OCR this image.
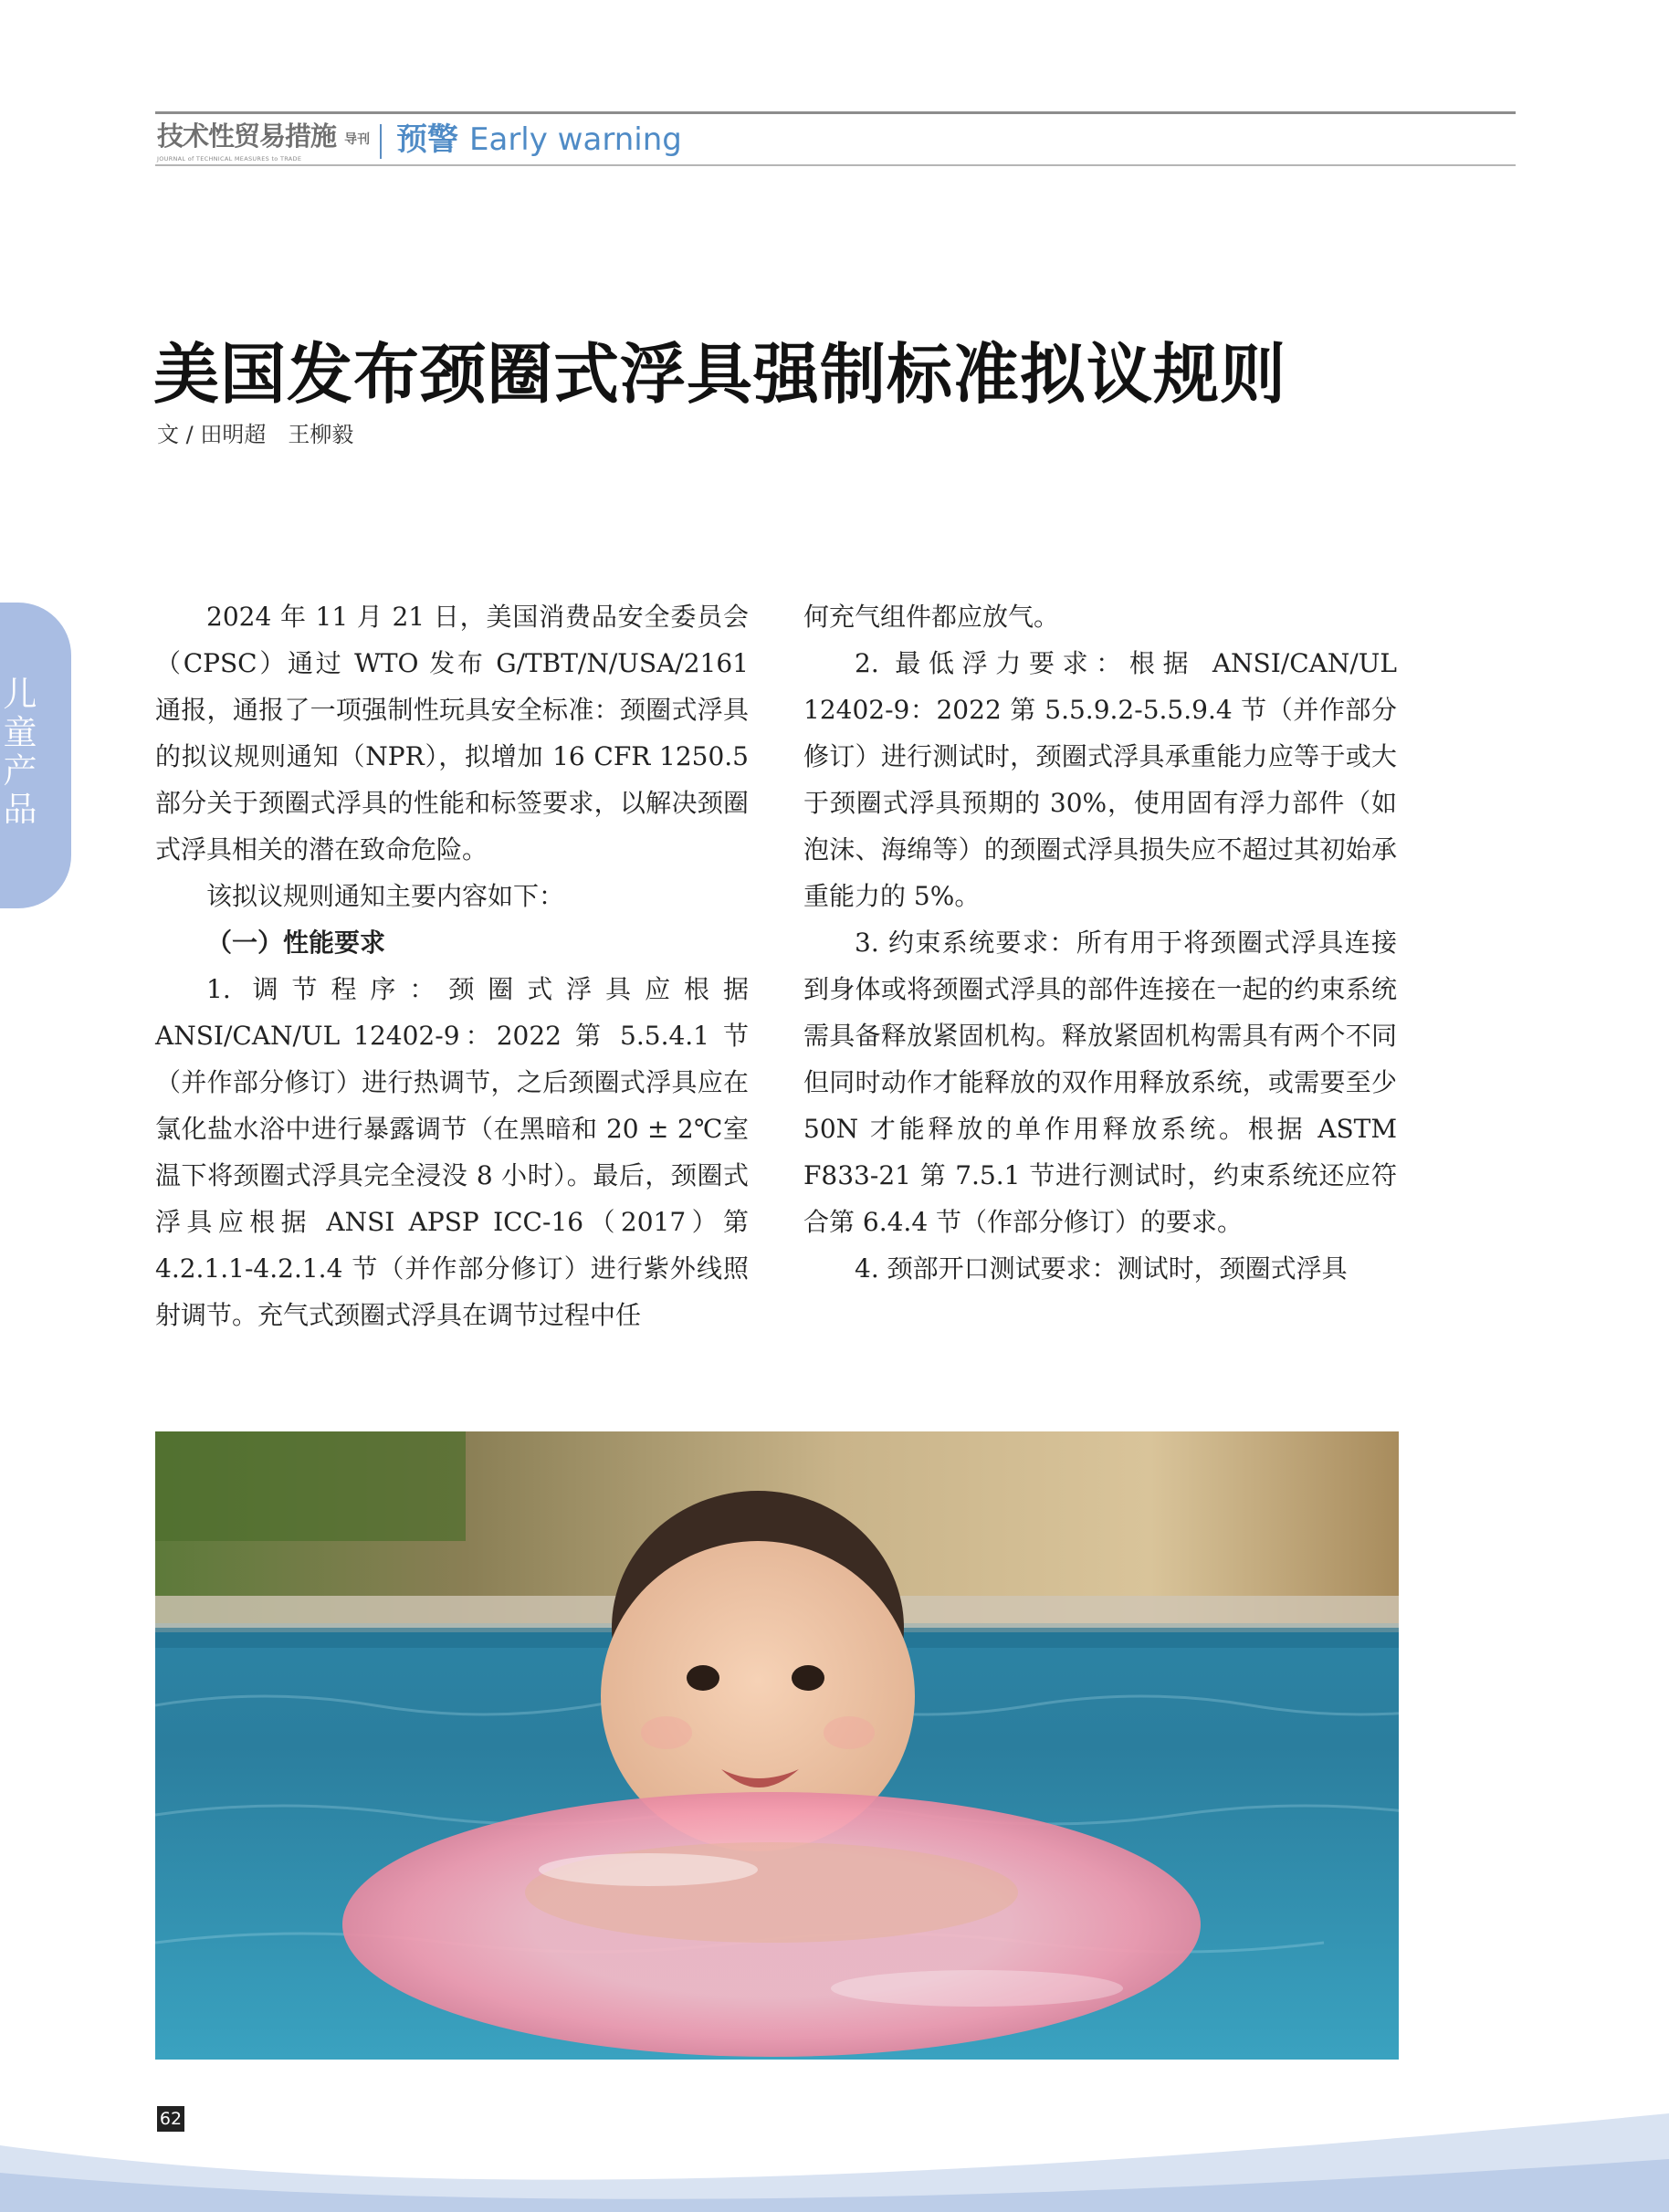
技术性贸易措施 导刊
JOURNAL of TECHNICAL MEASURES to TRADE
预警 Early warning
儿童产品
美国发布颈圈式浮具强制标准拟议规则
文 / 田明超　王柳毅

2024 年 11 月 21 日，美国消费品安全委员会（CPSC）通过 WTO 发布 G/TBT/N/USA/2161 通报，通报了一项强制性玩具安全标准：颈圈式浮具的拟议规则通知（NPR），拟增加 16 CFR 1250.5 部分关于颈圈式浮具的性能和标签要求，以解决颈圈式浮具相关的潜在致命危险。

该拟议规则通知主要内容如下：

（一）性能要求

1. 调节程序：颈圈式浮具应根据 ANSI/CAN/UL 12402-9：2022 第 5.5.4.1 节（并作部分修订）进行热调节，之后颈圈式浮具应在氯化盐水浴中进行暴露调节（在黑暗和 20 ± 2℃室温下将颈圈式浮具完全浸没 8 小时）。最后，颈圈式浮具应根据 ANSI APSP ICC-16（2017）第 4.2.1.1-4.2.1.4 节（并作部分修订）进行紫外线照射调节。充气式颈圈式浮具在调节过程中任

何充气组件都应放气。

2. 最低浮力要求：根据 ANSI/CAN/UL 12402-9：2022 第 5.5.9.2-5.5.9.4 节（并作部分修订）进行测试时，颈圈式浮具承重能力应等于或大于颈圈式浮具预期的 30%，使用固有浮力部件（如泡沫、海绵等）的颈圈式浮具损失应不超过其初始承重能力的 5%。

3. 约束系统要求：所有用于将颈圈式浮具连接到身体或将颈圈式浮具的部件连接在一起的约束系统需具备释放紧固机构。释放紧固机构需具有两个不同但同时动作才能释放的双作用释放系统，或需要至少 50N 才能释放的单作用释放系统。根据 ASTM F833-21 第 7.5.1 节进行测试时，约束系统还应符合第 6.4.4 节（作部分修订）的要求。

4. 颈部开口测试要求：测试时，颈圈式浮具

62
